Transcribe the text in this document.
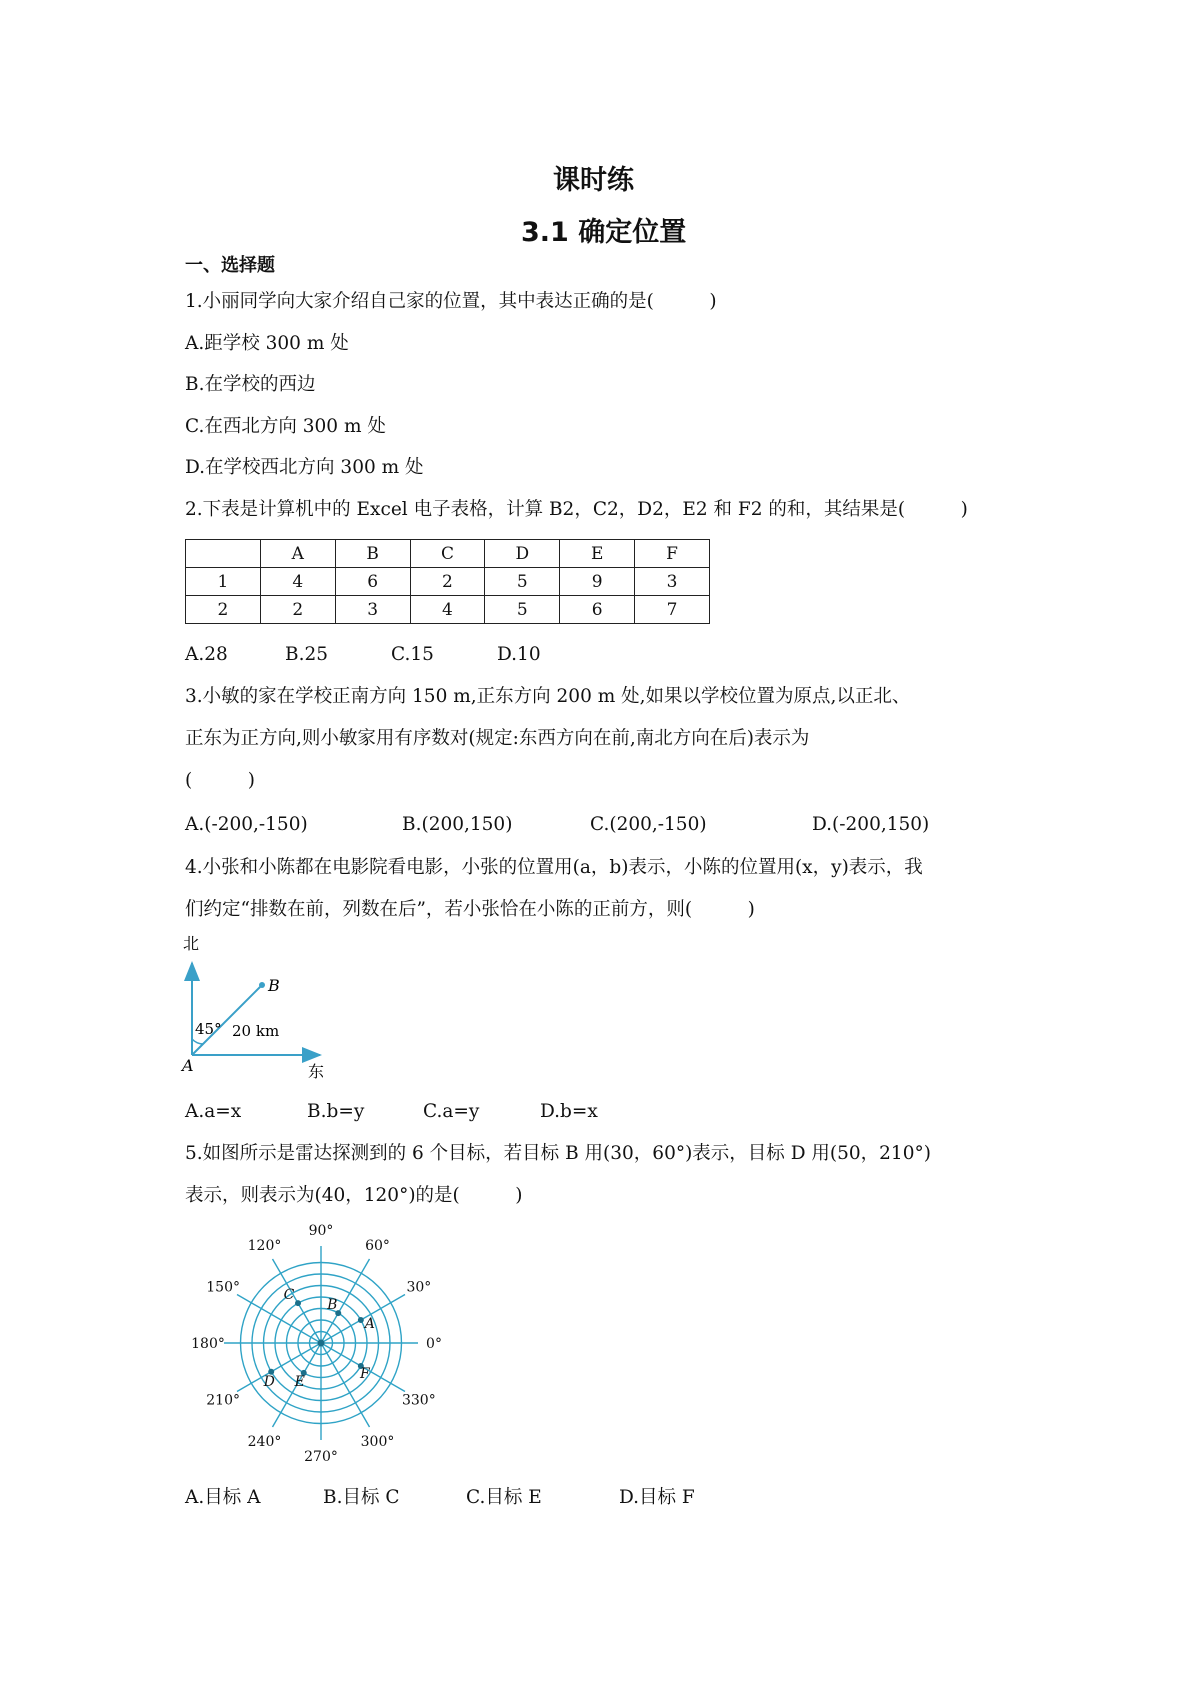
课时练
3.1 确定位置
一、选择题
1.小丽同学向大家介绍自己家的位置，其中表达正确的是(　　　)
A.距学校 300 m 处
B.在学校的西边
C.在西北方向 300 m 处
D.在学校西北方向 300 m 处
2.下表是计算机中的 Excel 电子表格，计算 B2，C2，D2，E2 和 F2 的和，其结果是(　　　)
	A	B	C	D	E	F
1	4	6	2	5	9	3
2	2	3	4	5	6	7
A.28	B.25	C.15	D.10
3.小敏的家在学校正南方向 150 m,正东方向 200 m 处,如果以学校位置为原点,以正北、
正东为正方向,则小敏家用有序数对(规定:东西方向在前,南北方向在后)表示为
(　　　)
A.(-200,-150)	B.(200,150)	C.(200,-150)	D.(-200,150)
4.小张和小陈都在电影院看电影，小张的位置用(a，b)表示，小陈的位置用(x，y)表示，我
们约定“排数在前，列数在后”，若小张恰在小陈的正前方，则(　　　)
北
东
A
B
45° 20 km
A.a=x	B.b=y	C.a=y	D.b=x
5.如图所示是雷达探测到的 6 个目标，若目标 B 用(30，60°)表示，目标 D 用(50，210°)
表示，则表示为(40，120°)的是(　　　)
0°
30°
60°
90°
120°
150°
180°
210°
240°
270°
300°
330°
A
B
C
D E	F
A.目标 A	B.目标 C	C.目标 E	D.目标 F
